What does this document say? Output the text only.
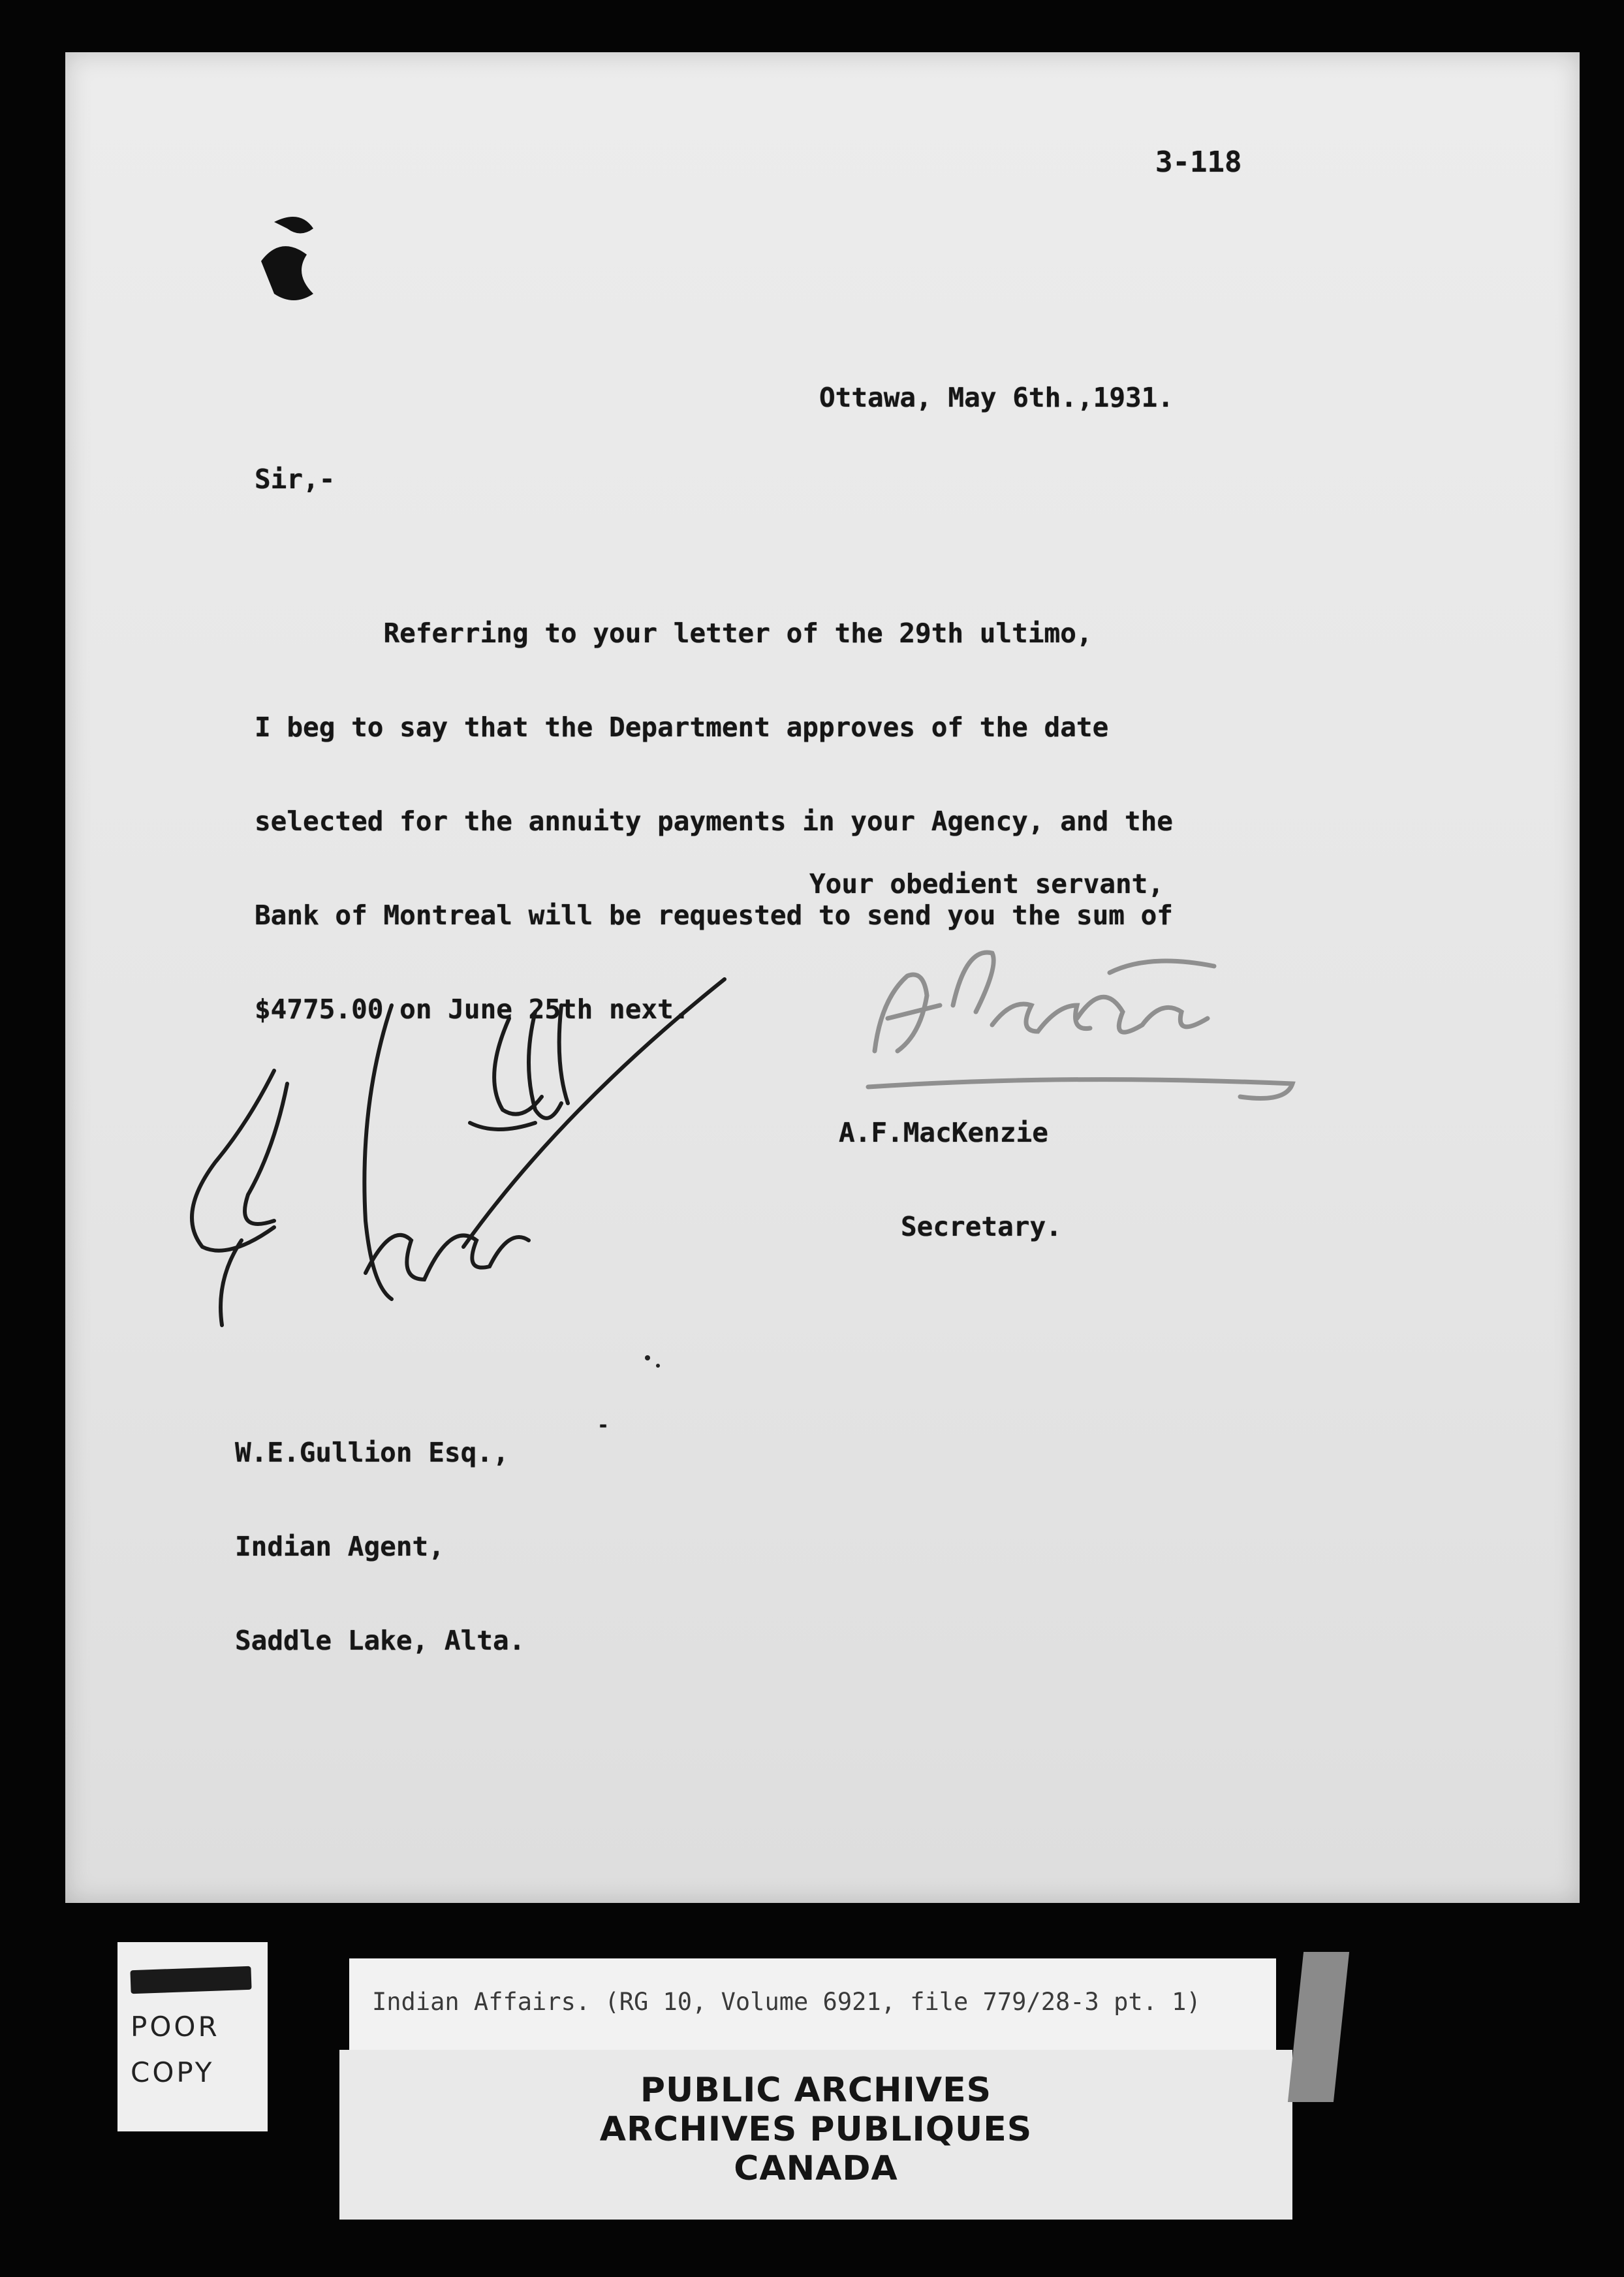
3-118
Ottawa, May 6th.,1931.
Sir,-

Referring to your letter of the 29th ultimo,

I beg to say that the Department approves of the date

selected for the annuity payments in your Agency, and the

Bank of Montreal will be requested to send you the sum of

$4775.00 on June 25th next.

Your obedient servant,

A.F.MacKenzie

Secretary.

W.E.Gullion Esq.,

Indian Agent,

Saddle Lake, Alta.

-
POOR
COPY
Indian Affairs. (RG 10, Volume 6921, file 779/28-3 pt. 1)
PUBLIC ARCHIVES
ARCHIVES PUBLIQUES
CANADA
